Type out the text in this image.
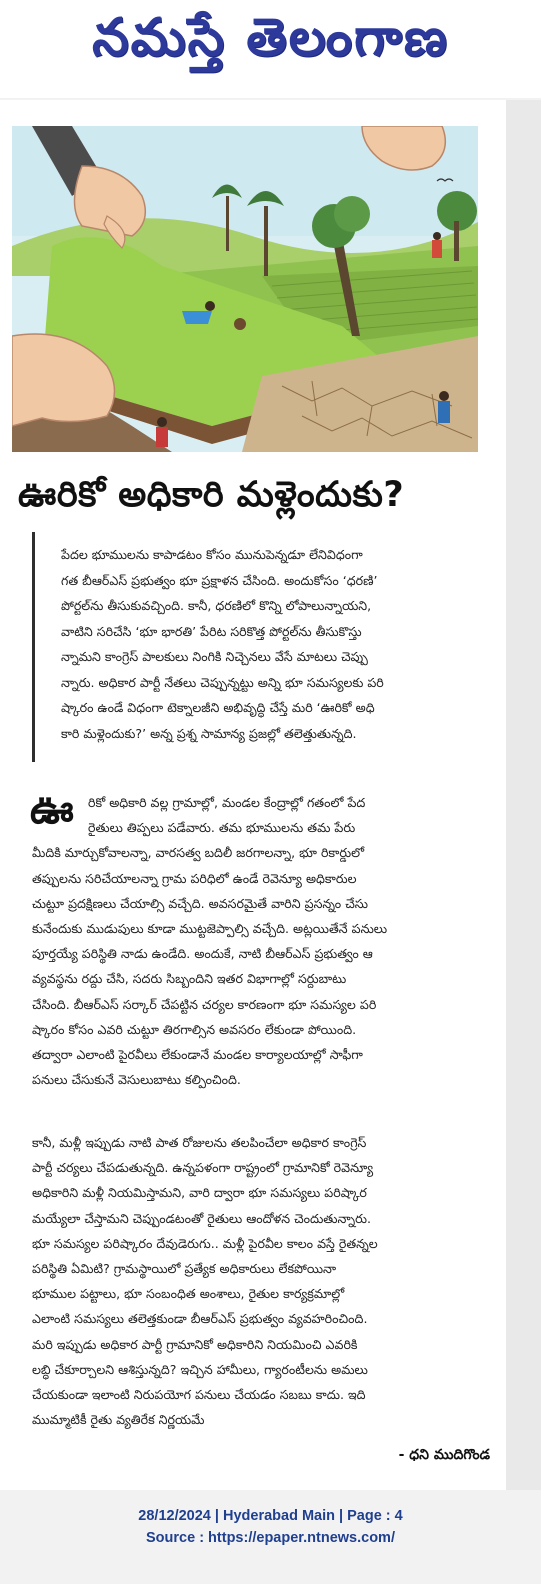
నమస్తే తెలంగాణ
ఊరికో అధికారి మళ్లెందుకు?
పేదల భూములను కాపాడటం కోసం మునుపెన్నడూ లేనివిధంగా
గత బీఆర్‌ఎస్‌ ప్రభుత్వం భూ ప్రక్షాళన చేసింది. అందుకోసం ‘ధరణి’
పోర్టల్‌ను తీసుకువచ్చింది. కానీ, ధరణిలో కొన్ని లోపాలున్నాయని,
వాటిని సరిచేసి ‘భూ భారతి’ పేరిట సరికొత్త పోర్టల్‌ను తీసుకొస్తు
న్నామని కాంగ్రెస్‌ పాలకులు నింగికి నిచ్చెనలు వేసే మాటలు చెప్పు
న్నారు. అధికార పార్టీ నేతలు చెప్పున్నట్టు అన్ని భూ సమస్యలకు పరి
ష్కారం ఉండే విధంగా టెక్నాలజీని అభివృద్ధి చేస్తే మరి ‘ఊరికో అధి
కారి మళ్లెందుకు?’ అన్న ప్రశ్న సామాన్య ప్రజల్లో తలెత్తుతున్నది.
ఊ	రికో అధికారి వల్ల గ్రామాల్లో, మండల కేంద్రాల్లో గతంలో పేద
రైతులు తిప్పలు పడేవారు. తమ భూములను తమ పేరు
మీదికి మార్చుకోవాలన్నా, వారసత్వ బదిలీ జరగాలన్నా, భూ రికార్డులో
తప్పులను సరిచేయాలన్నా గ్రామ పరిధిలో ఉండే రెవెన్యూ అధికారుల
చుట్టూ ప్రదక్షిణలు చేయాల్సి వచ్చేది. అవసరమైతే వారిని ప్రసన్నం చేసు
కునేందుకు ముడుపులు కూడా ముట్టజెప్పాల్సి వచ్చేది. అట్లయితేనే పనులు
పూర్తయ్యే పరిస్థితి నాడు ఉండేది. అందుకే, నాటి బీఆర్‌ఎస్‌ ప్రభుత్వం ఆ
వ్యవస్థను రద్దు చేసి, సదరు సిబ్బందిని ఇతర విభాగాల్లో సర్దుబాటు
చేసింది. బీఆర్‌ఎస్‌ సర్కార్‌ చేపట్టిన చర్యల కారణంగా భూ సమస్యల పరి
ష్కారం కోసం ఎవరి చుట్టూ తిరగాల్సిన అవసరం లేకుండా పోయింది.
తద్వారా ఎలాంటి పైరవీలు లేకుండానే మండల కార్యాలయాల్లో సాఫీగా
పనులు చేసుకునే వెసులుబాటు కల్పించింది.
కానీ, మళ్లీ ఇప్పుడు నాటి పాత రోజులను తలపించేలా అధికార కాంగ్రెస్‌
పార్టీ చర్యలు చేపడుతున్నది. ఉన్నపళంగా రాష్ట్రంలో గ్రామానికో రెవెన్యూ
అధికారిని మళ్లీ నియమిస్తామని, వారి ద్వారా భూ సమస్యలు పరిష్కార
మయ్యేలా చేస్తామని చెప్పుండటంతో రైతులు ఆందోళన చెందుతున్నారు.
భూ సమస్యల పరిష్కారం దేవుడెరుగు.. మళ్లీ పైరవీల కాలం వస్తే రైతన్నల
పరిస్థితి ఏమిటి? గ్రామస్థాయిలో ప్రత్యేక అధికారులు లేకపోయినా
భూముల పట్టాలు, భూ సంబంధిత అంశాలు, రైతుల కార్యక్రమాల్లో
ఎలాంటి సమస్యలు తలెత్తకుండా బీఆర్‌ఎస్‌ ప్రభుత్వం వ్యవహరించింది.
మరి ఇప్పుడు అధికార పార్టీ గ్రామానికో అధికారిని నియమించి ఎవరికి
లబ్ధి చేకూర్చాలని ఆశిస్తున్నది? ఇచ్చిన హామీలు, గ్యారంటీలను అమలు
చేయకుండా ఇలాంటి నిరుపయోగ పనులు చేయడం సబబు కాదు. ఇది
ముమ్మాటికీ రైతు వ్యతిరేక నిర్ణయమే
- ధని ముదిగొండ
28/12/2024 | Hyderabad Main | Page : 4
Source : https://epaper.ntnews.com/
